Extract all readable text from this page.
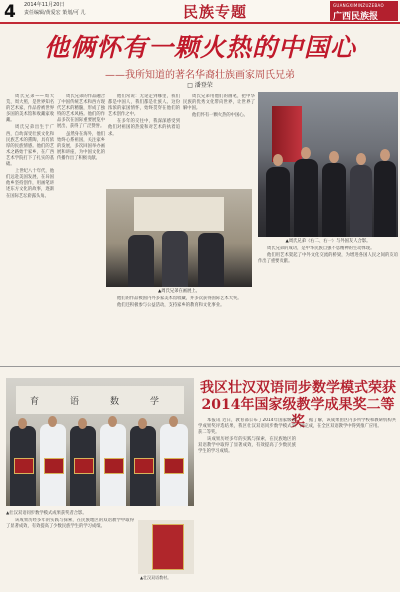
4 2014年11月20日
责任编辑/黄爱宏 策划/可 儿	民族专题	GUANGXIMINZUZEBAO
广西民族报
他俩怀有一颗火热的中国心
——我所知道的著名华裔壮族画家周氏兄弟
□ 潘登荣

周氏兄弟——周大荒、周大照，是世界知名的艺术家，作品曾被世界多国的美术馆和收藏家收藏。

周氏兄弟出生于广西，自幼深受壮族文化和民族艺术的熏陶，具有浓厚的民族情感。他们的艺术之路始于家乡，在广西艺术学院打下了扎实的基础。

上世纪八十年代，他们远赴美国发展，在异国他乡坚持创作，用画笔讲述东方文化的故事，逐渐在国际艺坛崭露头角。

周氏兄弟的作品融合了中国传统艺术和西方现代艺术的精髓，形成了独特的艺术风格。他们的作品多次在国际重要展览中展出，获得了广泛赞誉。

虽然身在海外，他们始终心系祖国，关注家乡的发展，多次回国举办画展和讲座，为中国文化的传播作出了积极贡献。

他们常说：无论走到哪里，我们都是中国人，我们都是壮族人。这份浓浓的家国情怀，始终贯穿在他们的艺术创作之中。

在多年的交往中，我深深感受到他们对祖国的热爱和对艺术的执着追求。

周氏兄弟用他们的画笔，把中华民族的优秀文化带向世界，让世界了解中国。

他们怀有一颗火热的中国心。

他们的作品被国内外多家美术馆收藏，并多次获得国际艺术大奖。

他们还积极参与公益活动，支持家乡的教育和文化事业。

周氏兄弟的成功，是中华民族自强不息精神的生动体现。

他们用艺术架起了中外文化交流的桥梁，为增进各国人民之间的友谊作出了重要贡献。

▲周氏兄弟（右二、右一）与外国友人合影。
▲周氏兄弟在画展上。
育	语	数	学
▲壮汉双语同步数学模式成果获奖者合影。
▲壮汉双语教材。
我区壮汉双语同步数学模式荣获2014年国家级教学成果奖二等奖

本报讯 近日，教育部公布了2014年国家级教学成果奖评选结果，我区壮汉双语同步数学模式荣获二等奖。

该成果历经多年的实践与探索，在民族地区的双语教学中取得了显著成效，有效提高了少数民族学生的学习成绩。

据了解，该成果由区内多所学校和教研机构共同完成，在全区双语教学中得到推广应用。

该成果历经多年的实践与探索，在民族地区的双语教学中取得了显著成效，有效提高了少数民族学生的学习成绩。
